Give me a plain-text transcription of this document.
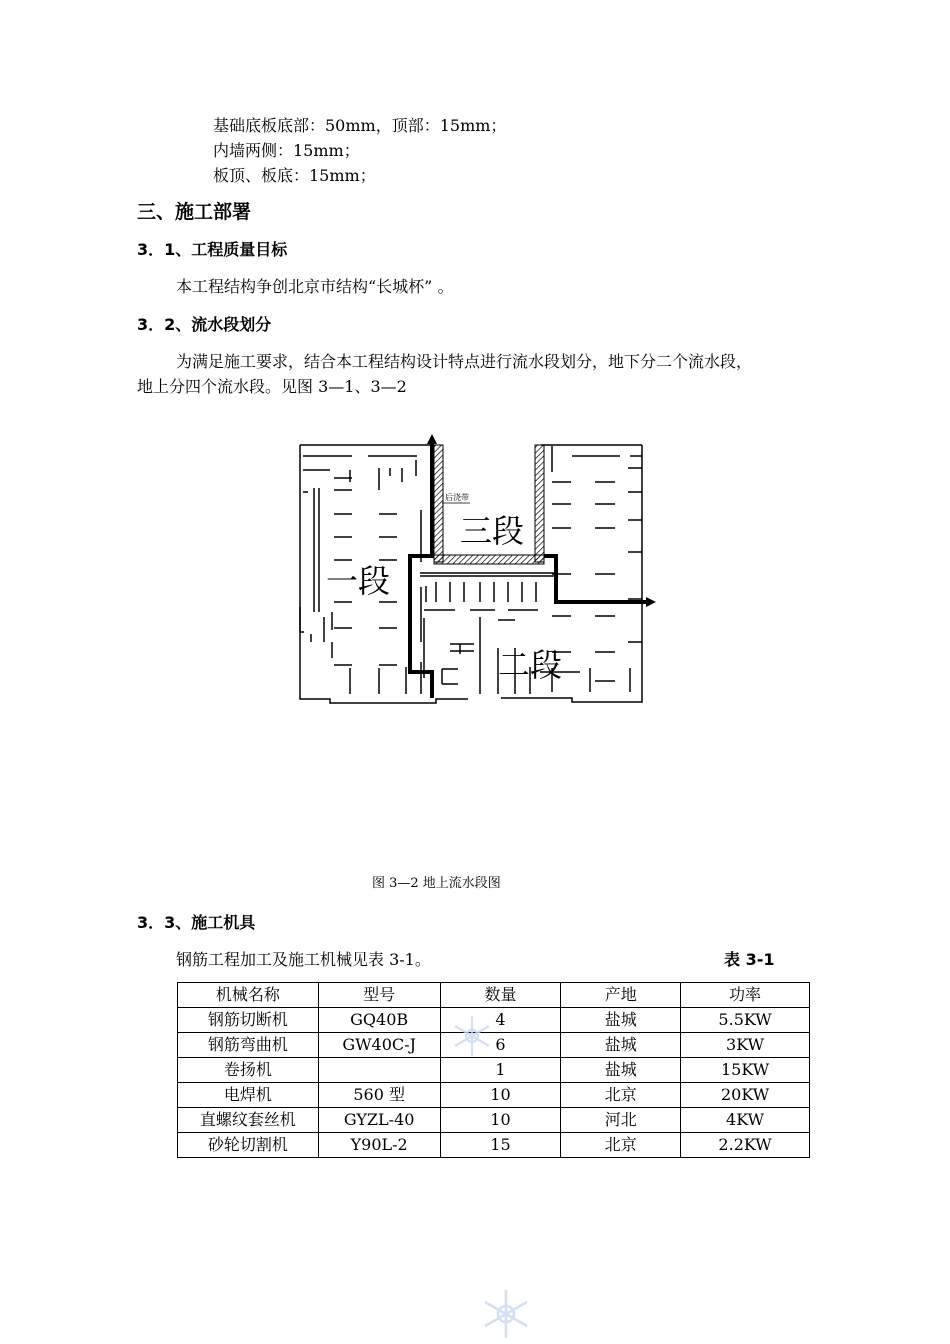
基础底板底部：50mm，顶部：15mm；
内墙两侧：15mm；
板顶、板底：15mm；
三、施工部署
3．1、工程质量目标
本工程结构争创北京市结构“长城杯” 。
3．2、流水段划分
为满足施工要求，结合本工程结构设计特点进行流水段划分，地下分二个流水段，
地上分四个流水段。见图 3—1、3—2
后浇带
三段
一段
二段
图 3—2 地上流水段图
3．3、施工机具
钢筋工程加工及施工机械见表 3-1。	表 3-1
机械名称	型号	数量	产地	功率
钢筋切断机	GQ40B	4	盐城	5.5KW
钢筋弯曲机	GW40C-J	6	盐城	3KW
卷扬机		1	盐城	15KW
电焊机	560 型	10	北京	20KW
直螺纹套丝机	GYZL-40	10	河北	4KW
砂轮切割机	Y90L-2	15	北京	2.2KW
